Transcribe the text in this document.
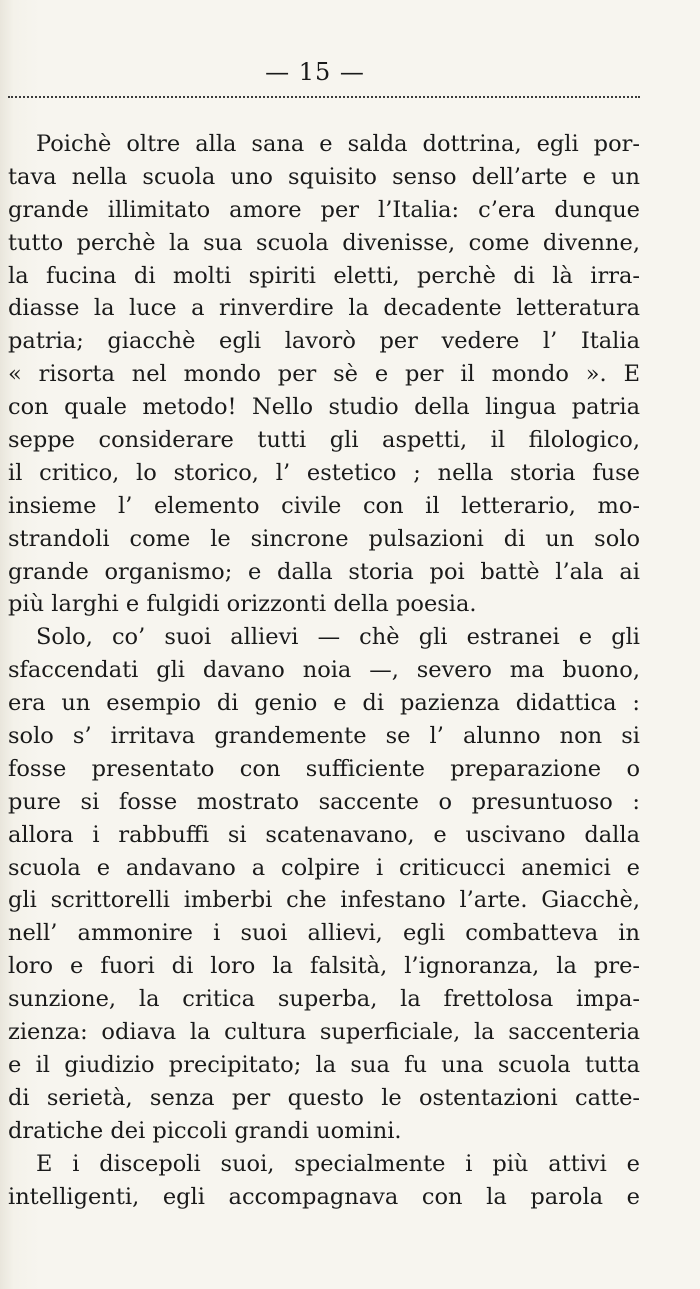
— 15 —
Poichè oltre alla sana e salda dottrina, egli por-
tava nella scuola uno squisito senso dell’arte e un
grande illimitato amore per l’Italia: c’era dunque
tutto perchè la sua scuola divenisse, come divenne,
la fucina di molti spiriti eletti, perchè di là irra-
diasse la luce a rinverdire la decadente letteratura
patria; giacchè egli lavorò per vedere l’ Italia
« risorta nel mondo per sè e per il mondo ». E
con quale metodo! Nello studio della lingua patria
seppe considerare tutti gli aspetti, il filologico,
il critico, lo storico, l’ estetico ; nella storia fuse
insieme l’ elemento civile con il letterario, mo-
strandoli come le sincrone pulsazioni di un solo
grande organismo; e dalla storia poi battè l’ala ai
più larghi e fulgidi orizzonti della poesia.
Solo, co’ suoi allievi — chè gli estranei e gli
sfaccendati gli davano noia —, severo ma buono,
era un esempio di genio e di pazienza didattica :
solo s’ irritava grandemente se l’ alunno non si
fosse presentato con sufficiente preparazione o
pure si fosse mostrato saccente o presuntuoso :
allora i rabbuffi si scatenavano, e uscivano dalla
scuola e andavano a colpire i criticucci anemici e
gli scrittorelli imberbi che infestano l’arte. Giacchè,
nell’ ammonire i suoi allievi, egli combatteva in
loro e fuori di loro la falsità, l’ignoranza, la pre-
sunzione, la critica superba, la frettolosa impa-
zienza: odiava la cultura superficiale, la saccenteria
e il giudizio precipitato; la sua fu una scuola tutta
di serietà, senza per questo le ostentazioni catte-
dratiche dei piccoli grandi uomini.
E i discepoli suoi, specialmente i più attivi e
intelligenti, egli accompagnava con la parola e
